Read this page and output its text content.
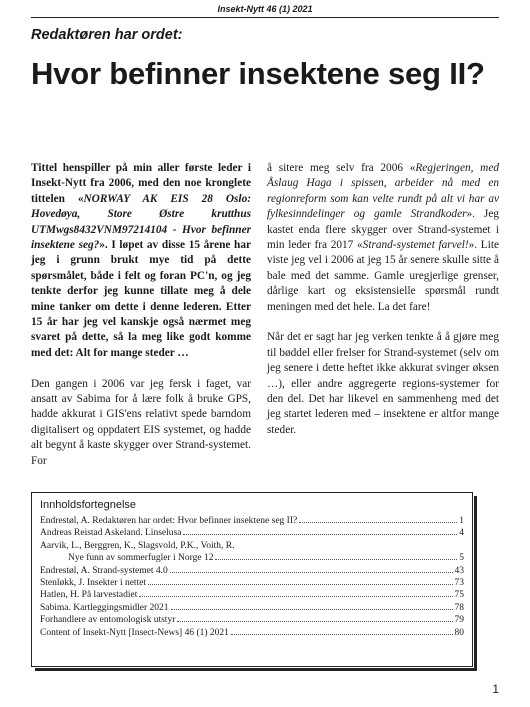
Insekt-Nytt 46 (1) 2021
Redaktøren har ordet:
Hvor befinner insektene seg II?

Tittel henspiller på min aller første leder i Insekt-Nytt fra 2006, med den noe kronglete tittelen «NORWAY AK EIS 28 Oslo: Hovedøya, Store Østre krutthus UTMwgs8432VNM97214104 - Hvor befinner insektene seg?». I løpet av disse 15 årene har jeg i grunn brukt mye tid på dette spørsmålet, både i felt og foran PC'n, og jeg tenkte derfor jeg kunne tillate meg å dele mine tanker om dette i denne lederen. Etter 15 år har jeg vel kanskje også nærmet meg svaret på dette, så la meg like godt komme med det: Alt for mange steder …

Den gangen i 2006 var jeg fersk i faget, var ansatt av Sabima for å lære folk å bruke GPS, hadde akkurat i GIS'ens relativt spede barndom digitalisert og oppdatert EIS systemet, og hadde alt begynt å kaste skygger over Strand-systemet. For

å sitere meg selv fra 2006 «Regjeringen, med Åslaug Haga i spissen, arbeider nå med en regionreform som kan velte rundt på alt vi har av fylkesinndelinger og gamle Strandkoder». Jeg kastet enda flere skygger over Strand-systemet i min leder fra 2017 «Strand-systemet farvel!». Lite viste jeg vel i 2006 at jeg 15 år senere skulle sitte å bale med det samme. Gamle uregjerlige grenser, dårlige kart og eksistensielle spørsmål rundt meningen med det hele. La det fare!

Når det er sagt har jeg verken tenkte å å gjøre meg til bøddel eller frelser for Strand-systemet (selv om jeg senere i dette heftet ikke akkurat svinger øksen …), eller andre aggregerte regions-systemer for den del. Det har likevel en sammenheng med det jeg startet lederen med – insektene er altfor mange steder.

Innholdsfortegnelse
Endrestøl, A. Redaktøren har ordet: Hvor befinner insektene seg II?	1
Andreas Reistad Askeland. Linselusa	4
Aarvik, L., Berggren, K., Slagsvold, P.K., Voith, R.
Nye funn av sommerfugler i Norge 12	5
Endrestøl, A. Strand-systemet 4.0	43
Stenløkk, J. Insekter i nettet	73
Hatlen, H. På larvestadiet	75
Sabima. Kartleggingsmidler 2021	78
Forhandlere av entomologisk utstyr	79
Content of Insekt-Nytt [Insect-News] 46 (1) 2021	80
1
